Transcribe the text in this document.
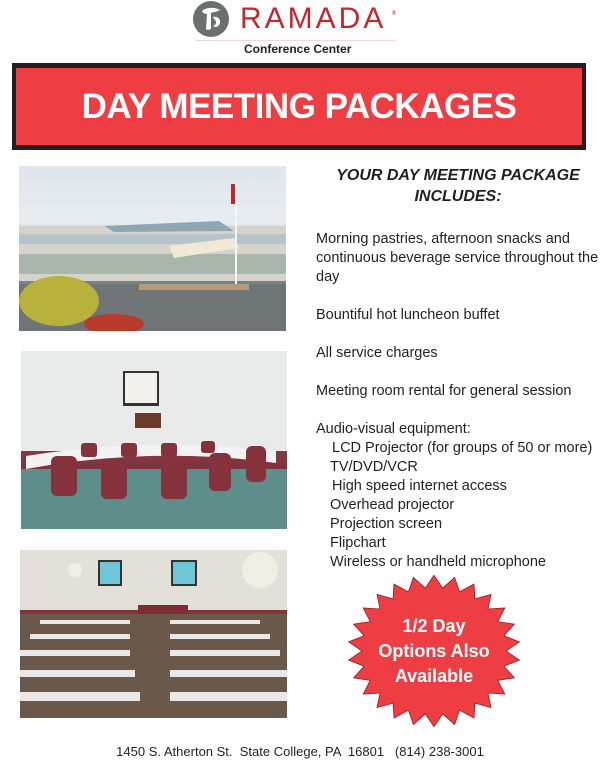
RAMADA ®
Conference Center
DAY MEETING PACKAGES
YOUR DAY MEETING PACKAGE
INCLUDES:
Morning pastries, afternoon snacks and continuous beverage service throughout the day
Bountiful hot luncheon buffet
All service charges
Meeting room rental for general session
Audio-visual equipment:
LCD Projector (for groups of 50 or more)
TV/DVD/VCR
High speed internet access
Overhead projector
Projection screen
Flipchart
Wireless or handheld microphone
1/2 Day
Options Also
Available
1450 S. Atherton St.  State College, PA  16801 (814) 238-3001
